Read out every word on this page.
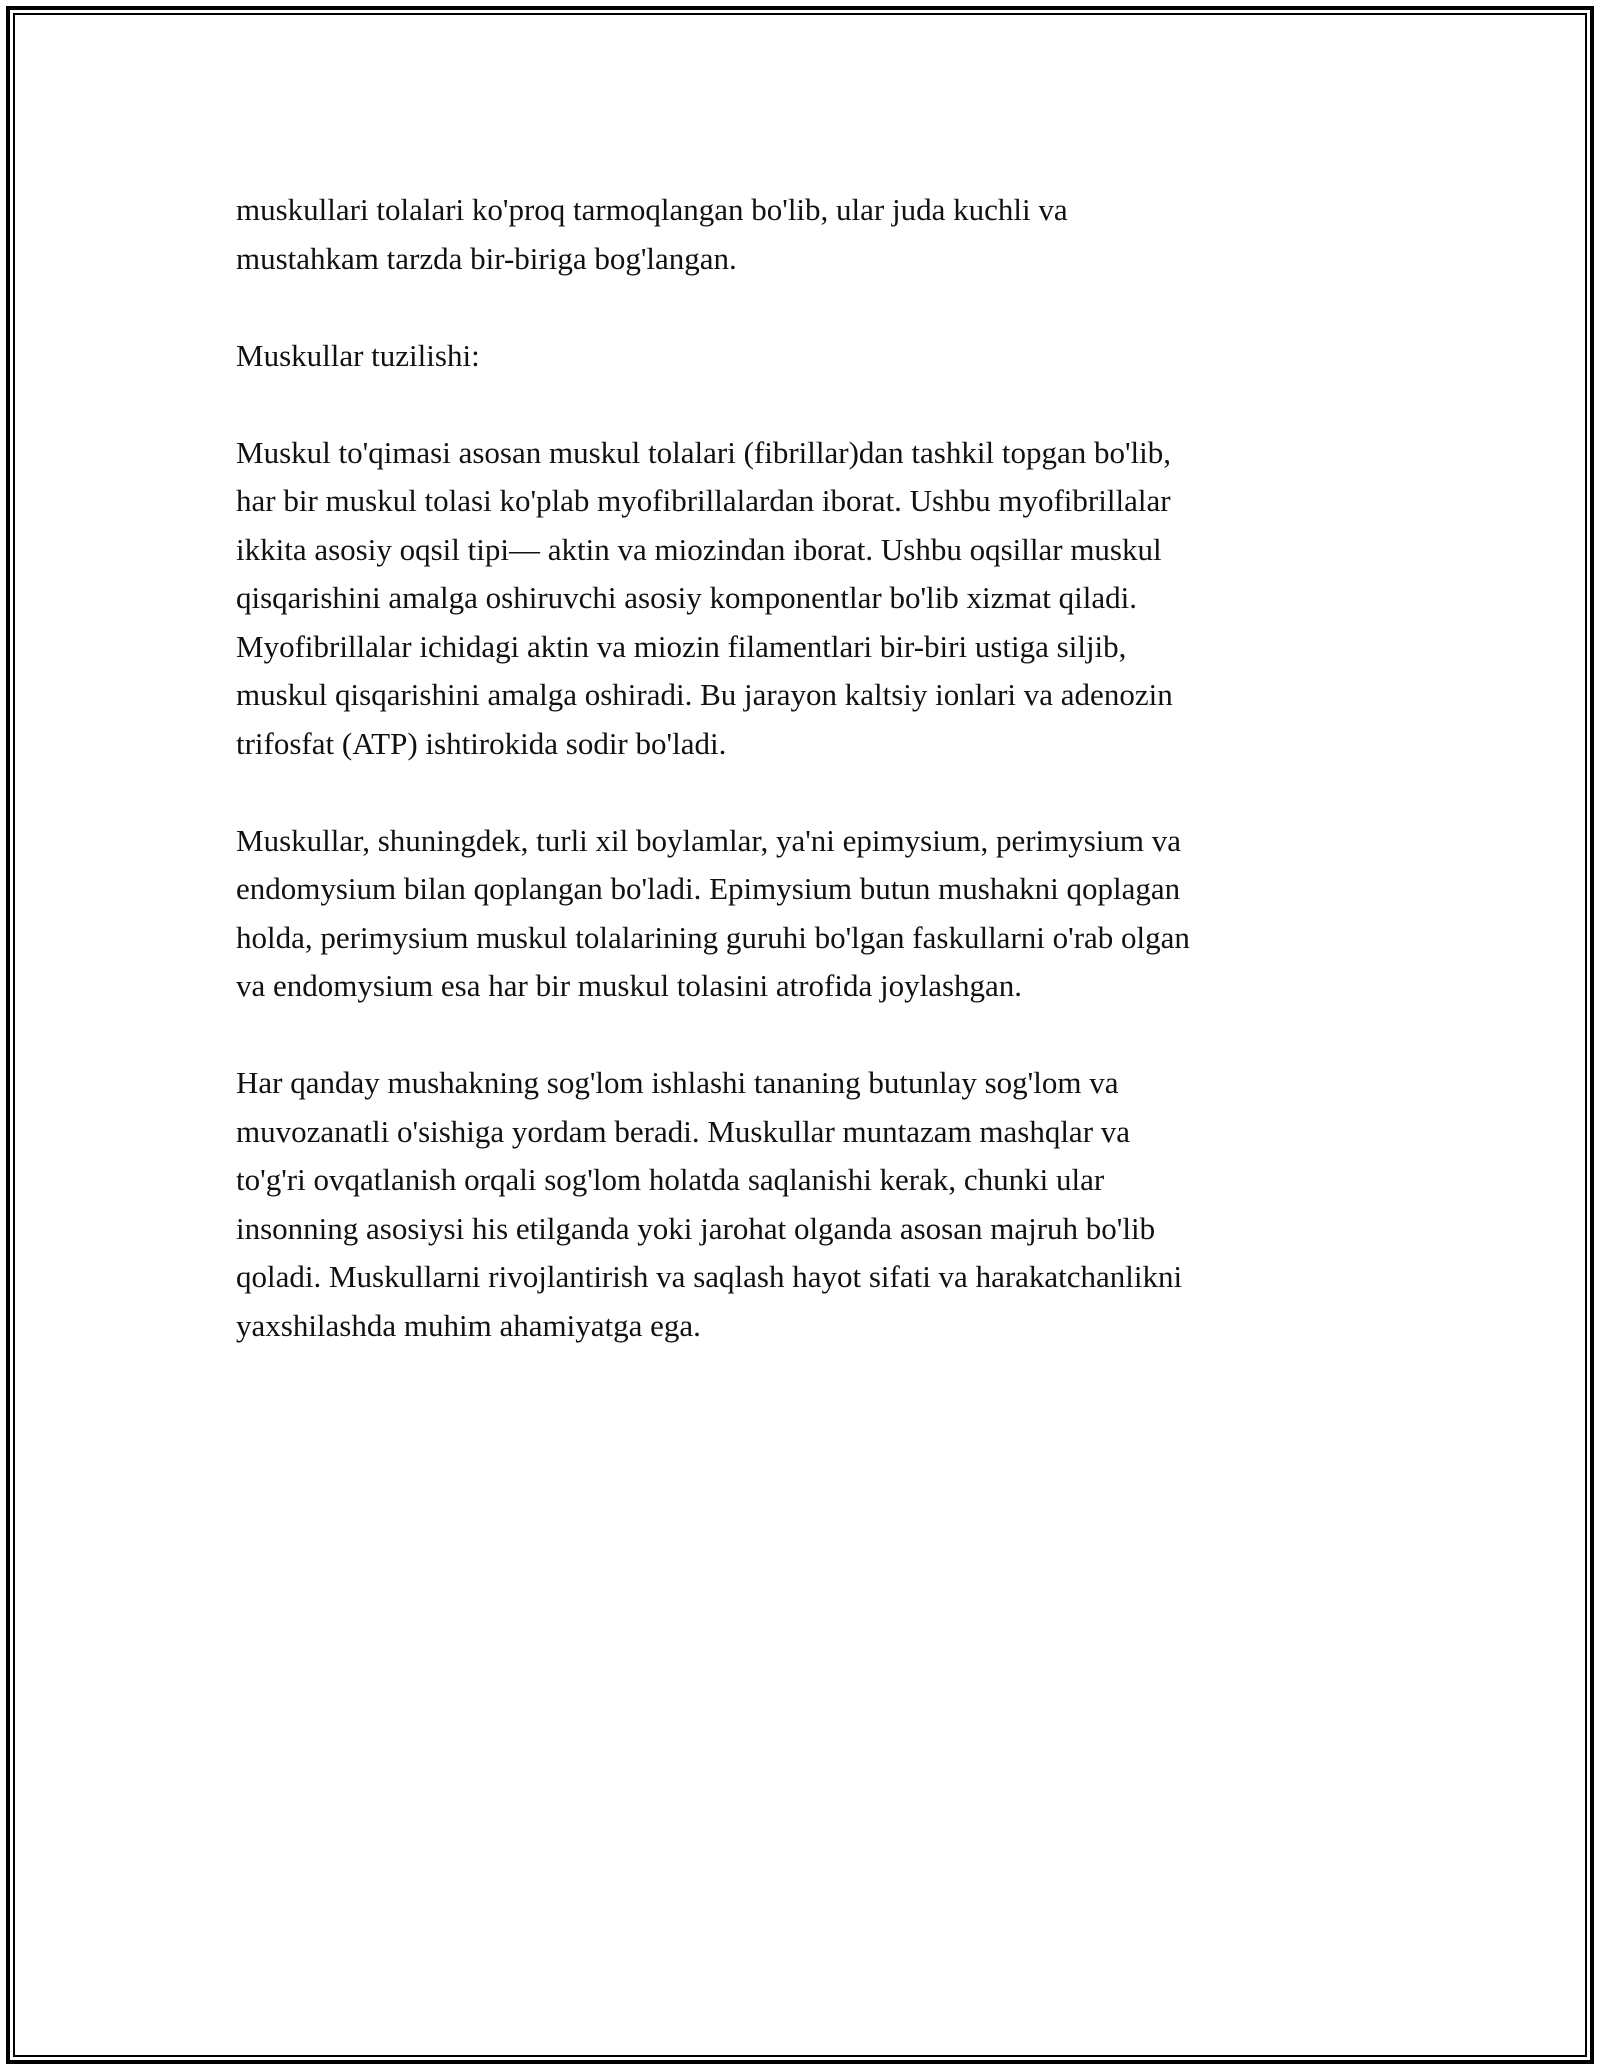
muskullari tolalari ko'proq tarmoqlangan bo'lib, ular juda kuchli va
mustahkam tarzda bir-biriga bog'langan.

Muskullar tuzilishi:

Muskul to'qimasi asosan muskul tolalari (fibrillar)dan tashkil topgan bo'lib,
har bir muskul tolasi ko'plab myofibrillalardan iborat. Ushbu myofibrillalar
ikkita asosiy oqsil tipi— aktin va miozindan iborat. Ushbu oqsillar muskul
qisqarishini amalga oshiruvchi asosiy komponentlar bo'lib xizmat qiladi.
Myofibrillalar ichidagi aktin va miozin filamentlari bir-biri ustiga siljib,
muskul qisqarishini amalga oshiradi. Bu jarayon kaltsiy ionlari va adenozin
trifosfat (ATP) ishtirokida sodir bo'ladi.

Muskullar, shuningdek, turli xil boylamlar, ya'ni epimysium, perimysium va
endomysium bilan qoplangan bo'ladi. Epimysium butun mushakni qoplagan
holda, perimysium muskul tolalarining guruhi bo'lgan faskullarni o'rab olgan
va endomysium esa har bir muskul tolasini atrofida joylashgan.

Har qanday mushakning sog'lom ishlashi tananing butunlay sog'lom va
muvozanatli o'sishiga yordam beradi. Muskullar muntazam mashqlar va
to'g'ri ovqatlanish orqali sog'lom holatda saqlanishi kerak, chunki ular
insonning asosiysi his etilganda yoki jarohat olganda asosan majruh bo'lib
qoladi. Muskullarni rivojlantirish va saqlash hayot sifati va harakatchanlikni
yaxshilashda muhim ahamiyatga ega.
